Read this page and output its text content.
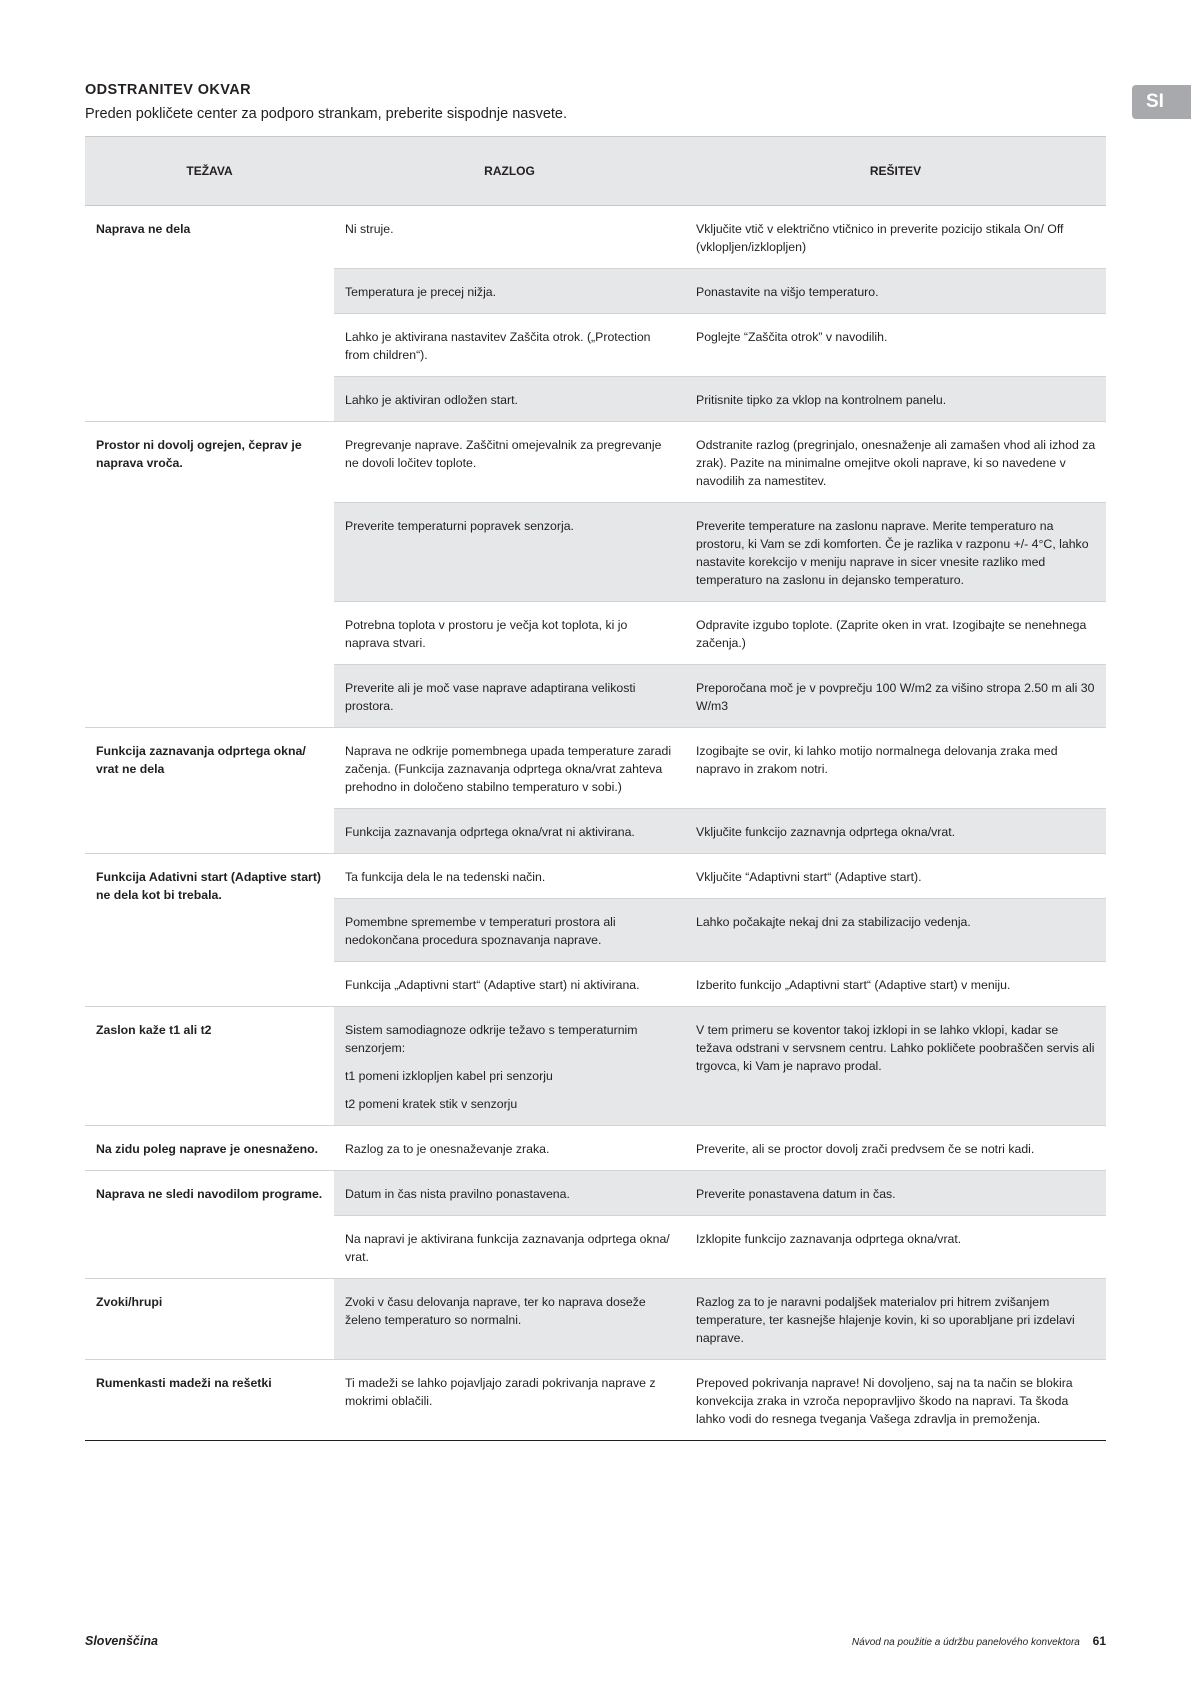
SI
ODSTRANITEV OKVAR
Preden pokličete center za podporo strankam, preberite sispodnje nasvete.
TEŽAVA	RAZLOG	REŠITEV
Naprava ne dela	Ni struje.	Vključite vtič v električno vtičnico in preverite pozicijo stikala On/ Off (vklopljen/izklopljen)
	Temperatura je precej nižja.	Ponastavite na višjo temperaturo.
	Lahko je aktivirana nastavitev Zaščita otrok. („Protection from children“).	Poglejte “Zaščita otrok” v navodilih.
	Lahko je aktiviran odložen start.	Pritisnite tipko za vklop na kontrolnem panelu.
Prostor ni dovolj ogrejen, čeprav je naprava vroča.	Pregrevanje naprave. Zaščitni omejevalnik za pregrevanje ne dovoli ločitev toplote.	Odstranite razlog (pregrinjalo, onesnaženje ali zamašen vhod ali izhod za zrak). Pazite na minimalne omejitve okoli naprave, ki so navedene v navodilih za namestitev.
	Preverite temperaturni popravek senzorja.	Preverite temperature na zaslonu naprave. Merite temperaturo na prostoru, ki Vam se zdi komforten. Če je razlika v razponu +/- 4°C, lahko nastavite korekcijo v meniju naprave in sicer vnesite razliko med temperaturo na zaslonu in dejansko temperaturo.
	Potrebna toplota v prostoru je večja kot toplota, ki jo naprava stvari.	Odpravite izgubo toplote. (Zaprite oken in vrat. Izogibajte se nenehnega začenja.)
	Preverite ali je moč vase naprave adaptirana velikosti prostora.	Preporočana moč je v povprečju 100 W/m2 za višino stropa 2.50 m ali 30 W/m3
Funkcija zaznavanja odprtega okna/ vrat ne dela	Naprava ne odkrije pomembnega upada temperature zaradi začenja. (Funkcija zaznavanja odprtega okna/vrat zahteva prehodno in določeno stabilno temperaturo v sobi.)	Izogibajte se ovir, ki lahko motijo normalnega delovanja zraka med napravo in zrakom notri.
	Funkcija zaznavanja odprtega okna/vrat ni aktivirana.	Vključite funkcijo zaznavnja odprtega okna/vrat.
Funkcija Adativni start (Adaptive start) ne dela kot bi trebala.	Ta funkcija dela le na tedenski način.	Vključite “Adaptivni start“ (Adaptive start).
	Pomembne spremembe v temperaturi prostora ali nedokončana procedura spoznavanja naprave.	Lahko počakajte nekaj dni za stabilizacijo vedenja.
	Funkcija „Adaptivni start“ (Adaptive start) ni aktivirana.	Izberito funkcijo „Adaptivni start“ (Adaptive start) v meniju.
Zaslon kaže t1 ali t2	Sistem samodiagnoze odkrije težavo s temperaturnim senzorjem:
t1 pomeni izklopljen kabel pri senzorju
t2 pomeni kratek stik v senzorju	V tem primeru se koventor takoj izklopi in se lahko vklopi, kadar se težava odstrani v servsnem centru. Lahko pokličete poobraščen servis ali trgovca, ki Vam je napravo prodal.
Na zidu poleg naprave je onesnaženo.	Razlog za to je onesnaževanje zraka.	Preverite, ali se proctor dovolj zrači predvsem če se notri kadi.
Naprava ne sledi navodilom programe.	Datum in čas nista pravilno ponastavena.	Preverite ponastavena datum in čas.
	Na napravi je aktivirana funkcija zaznavanja odprtega okna/ vrat.	Izklopite funkcijo zaznavanja odprtega okna/vrat.
Zvoki/hrupi	Zvoki v času delovanja naprave, ter ko naprava doseže želeno temperaturo so normalni.	Razlog za to je naravni podaljšek materialov pri hitrem zvišanjem temperature, ter kasnejše hlajenje kovin, ki so uporabljane pri izdelavi naprave.
Rumenkasti madeži na rešetki	Ti madeži se lahko pojavljajo zaradi pokrivanja naprave z mokrimi oblačili.	Prepoved pokrivanja naprave! Ni dovoljeno, saj na ta način se blokira konvekcija zraka in vzroča nepopravljivo škodo na napravi. Ta škoda lahko vodi do resnega tveganja Vašega zdravlja in premoženja.
Slovenščina	Návod na použitie a údržbu panelového konvektora 61
